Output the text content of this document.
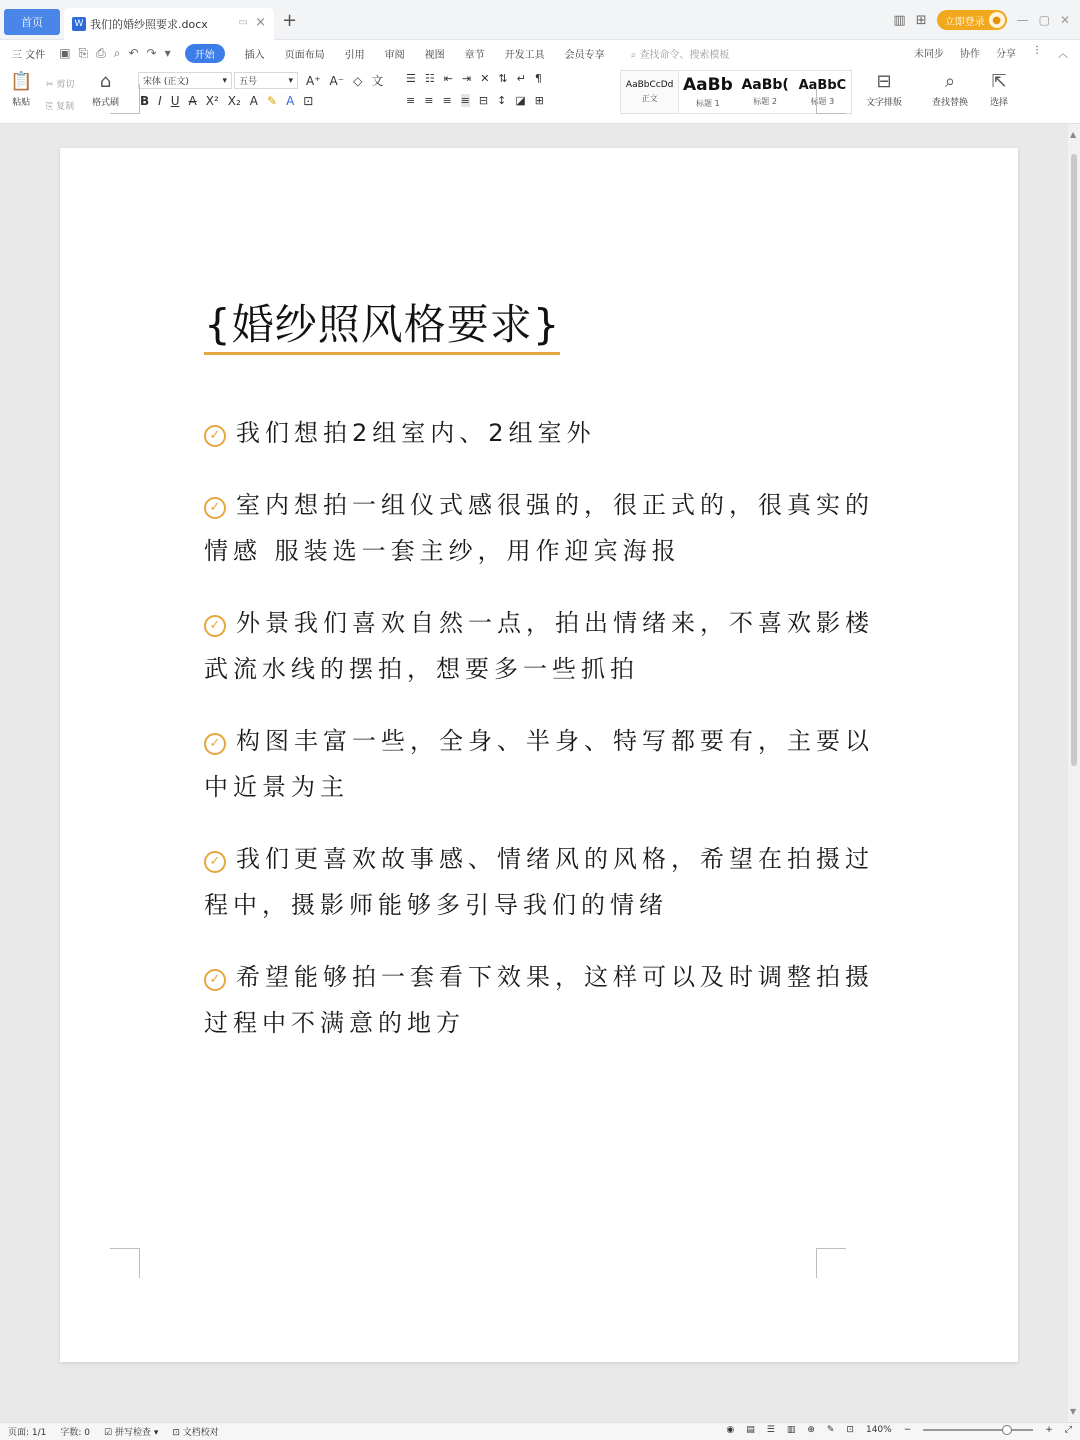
首页	W 我们的婚纱照要求.docx	▭ × +	▥ ⊞ 立即登录 ●	— ▢ ✕
三 文件 ▣ ⎘ ⎙ ⌕ ↶ ↷ ▾	开始	插入 页面布局 引用 审阅 视图 章节 开发工具 会员专享	⌕ 查找命令、搜索模板	未同步 协作 分享 ⋮ ︿
📋
粘贴
✂ 剪切
⎘ 复制
⌂
格式刷
宋体 (正文)	▾ 五号	▾ A⁺ A⁻ ◇ 文
B I U A X² X₂ A ✎ A ⊡
☰ ☷ ⇤ ⇥ ✕ ⇅ ↵ ¶
≡ ≡ ≡ ≡ ⊟ ↕ ◪ ⊞
AaBbCcDd
正文
AaBb
标题 1
AaBb(
标题 2
AaBbC
标题 3
⊟
文字排版
⌕
查找替换
⇱
选择
▲
▼
{婚纱照风格要求}
✓ 我们想拍2组室内、2组室外
✓ 室内想拍一组仪式感很强的，很正式的，很真实的情感 服装选一套主纱，用作迎宾海报
✓ 外景我们喜欢自然一点，拍出情绪来，不喜欢影楼武流水线的摆拍，想要多一些抓拍
✓ 构图丰富一些，全身、半身、特写都要有，主要以中近景为主
✓ 我们更喜欢故事感、情绪风的风格，希望在拍摄过程中，摄影师能够多引导我们的情绪
✓ 希望能够拍一套看下效果，这样可以及时调整拍摄过程中不满意的地方
页面: 1/1 字数: 0 ☑ 拼写检查 ▾ ⊡ 文档校对	◉ ▤ ☰ ▥ ⊕ ✎ ⊡ 140% −	+ ⤢
